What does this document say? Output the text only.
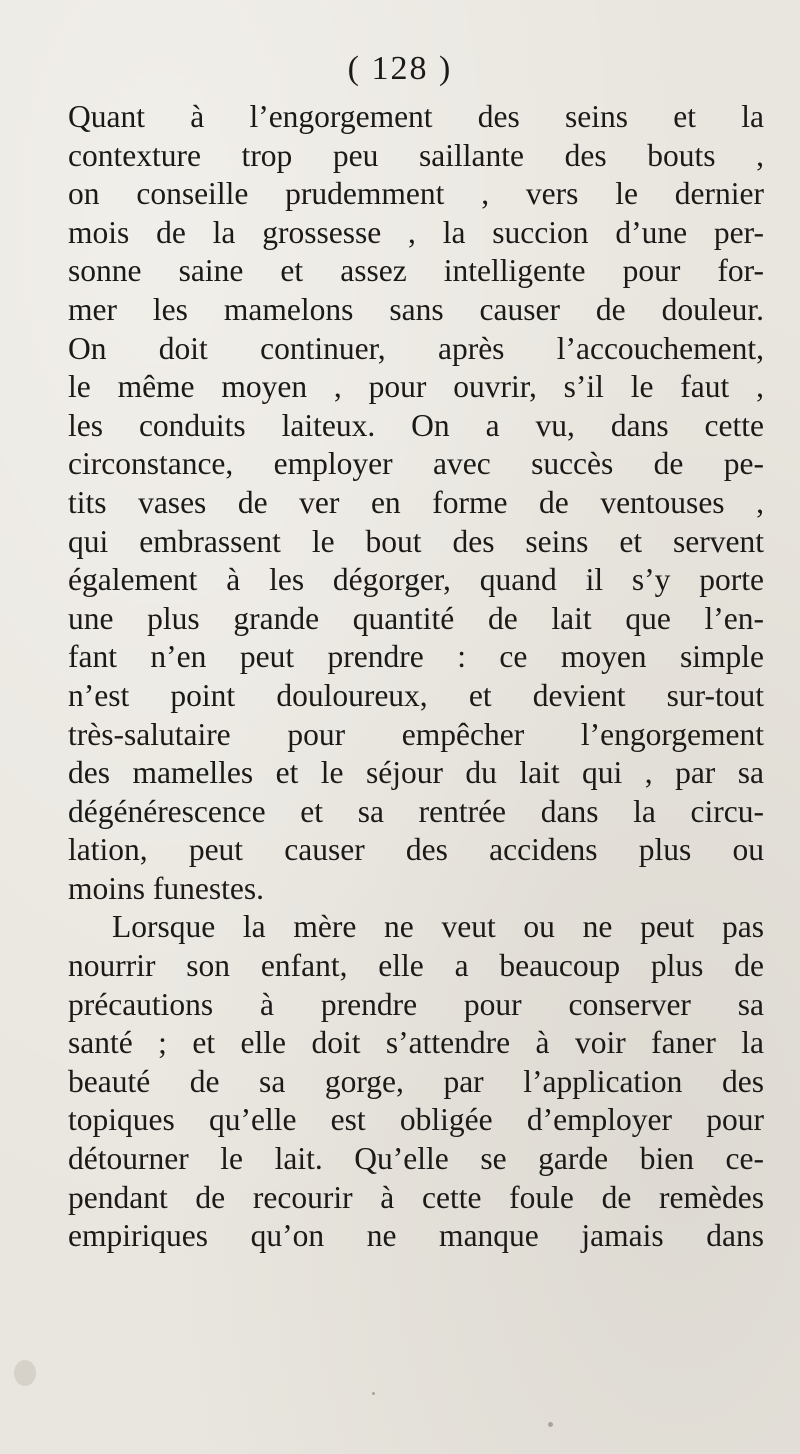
( 128 )
Quant à l’engorgement des seins et la
contexture trop peu saillante des bouts ,
on conseille prudemment , vers le dernier
mois de la grossesse , la succion d’une per-
sonne saine et assez intelligente pour for-
mer les mamelons sans causer de douleur.
On doit continuer, après l’accouchement,
le même moyen , pour ouvrir, s’il le faut ,
les conduits laiteux. On a vu, dans cette
circonstance, employer avec succès de pe-
tits vases de ver en forme de ventouses ,
qui embrassent le bout des seins et servent
également à les dégorger, quand il s’y porte
une plus grande quantité de lait que l’en-
fant n’en peut prendre : ce moyen simple
n’est point douloureux, et devient sur-tout
très-salutaire pour empêcher l’engorgement
des mamelles et le séjour du lait qui , par sa
dégénérescence et sa rentrée dans la circu-
lation, peut causer des accidens plus ou
moins funestes.
Lorsque la mère ne veut ou ne peut pas
nourrir son enfant, elle a beaucoup plus de
précautions à prendre pour conserver sa
santé ; et elle doit s’attendre à voir faner la
beauté de sa gorge, par l’application des
topiques qu’elle est obligée d’employer pour
détourner le lait. Qu’elle se garde bien ce-
pendant de recourir à cette foule de remèdes
empiriques qu’on ne manque jamais dans
